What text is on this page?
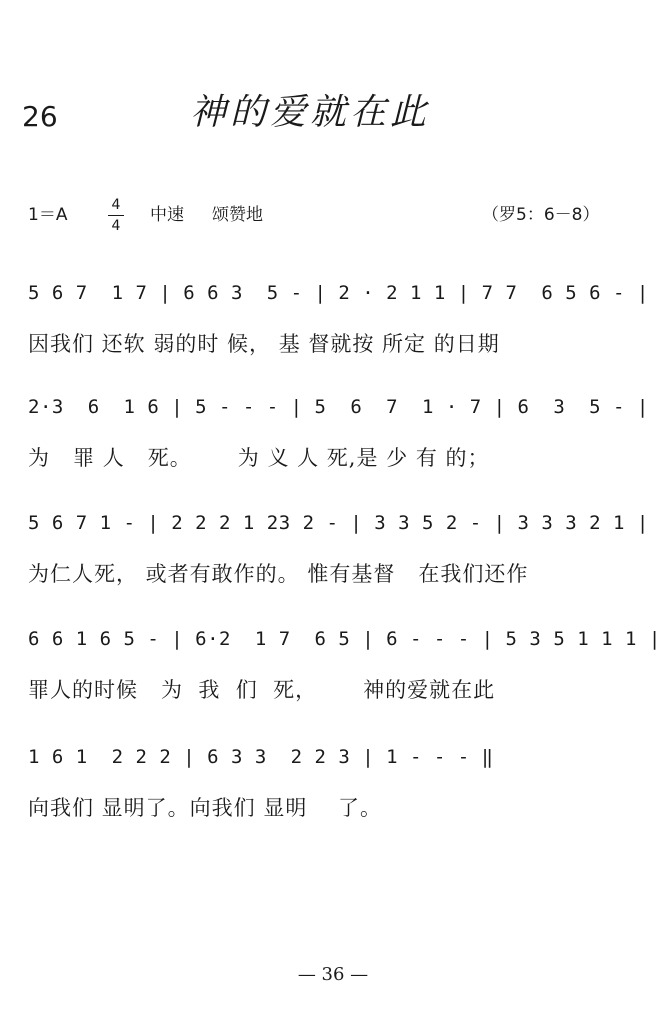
26	神的爱就在此
1＝A	4
4
中速 颂赞地	（罗5：6－8）
5 6 7  1 7 | 6 6 3  5 - | 2 · 2 1 1 | 7 7  6 5 6 - |
因我们 还软 弱的时 候， 基 督就按 所定 的日期
2·3  6  1 6 | 5 - - - | 5  6  7  1 · 7 | 6  3  5 - |
为   罪 人   死。      为 义 人 死,是 少 有 的；
5 6 7 1 - | 2 2 2 1 23 2 - | 3 3 5 2 - | 3 3 3 2 1 |
为仁人死， 或者有敢作的。 惟有基督   在我们还作
6 6 1 6 5 - | 6·2  1 7  6 5 | 6 - - - | 5 3 5 1 1 1 |
罪人的时候   为  我  们  死，      神的爱就在此
1 6 1  2 2 2 | 6 3 3  2 2 3 | 1 - - - ‖
向我们 显明了。向我们 显明    了。
— 36 —
